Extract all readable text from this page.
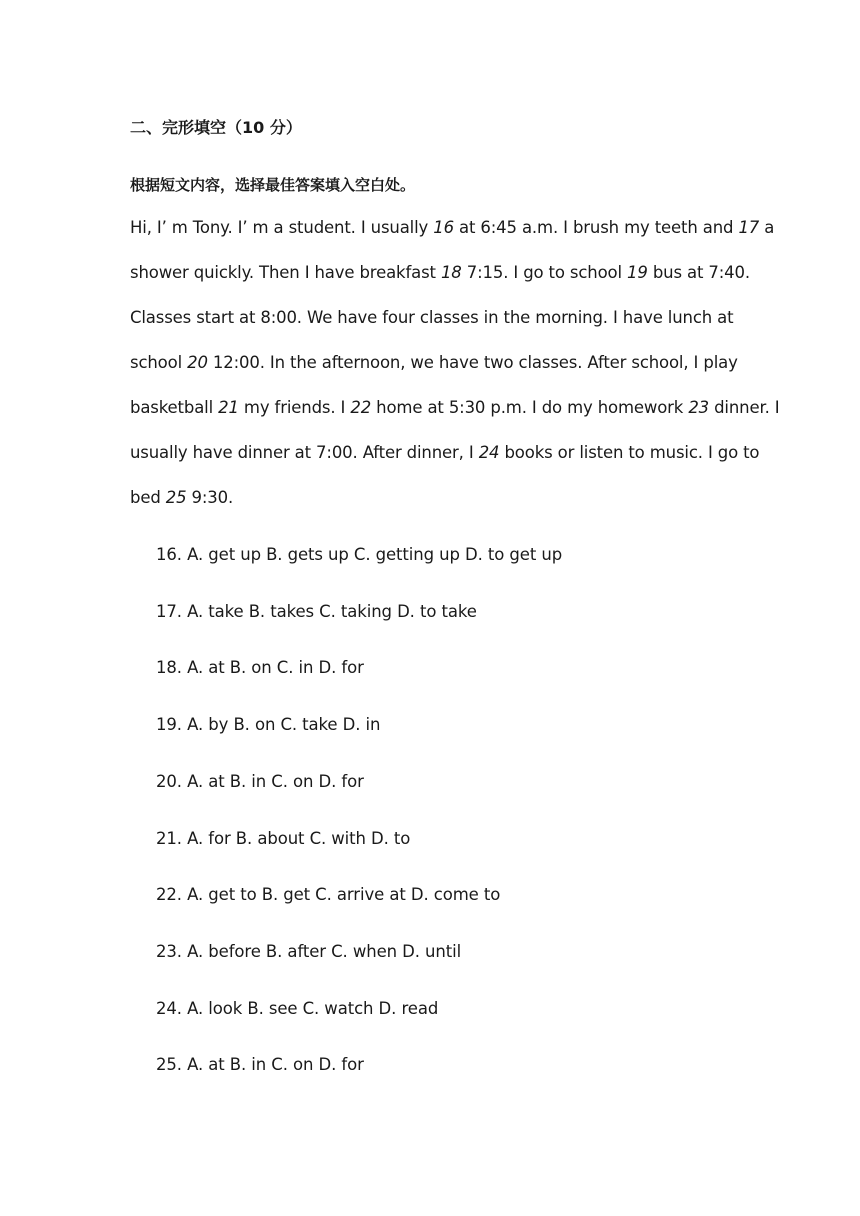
二、完形填空（10 分）
根据短文内容，选择最佳答案填入空白处。
Hi, I’ m Tony. I’ m a student. I usually 16 at 6:45 a.m. I brush my teeth and 17 a
shower quickly. Then I have breakfast 18 7:15. I go to school 19 bus at 7:40.
Classes start at 8:00. We have four classes in the morning. I have lunch at
school 20 12:00. In the afternoon, we have two classes. After school, I play
basketball 21 my friends. I 22 home at 5:30 p.m. I do my homework 23 dinner. I
usually have dinner at 7:00. After dinner, I 24 books or listen to music. I go to
bed 25 9:30.
16. A. get up B. gets up C. getting up D. to get up
17. A. take B. takes C. taking D. to take
18. A. at B. on C. in D. for
19. A. by B. on C. take D. in
20. A. at B. in C. on D. for
21. A. for B. about C. with D. to
22. A. get to B. get C. arrive at D. come to
23. A. before B. after C. when D. until
24. A. look B. see C. watch D. read
25. A. at B. in C. on D. for
